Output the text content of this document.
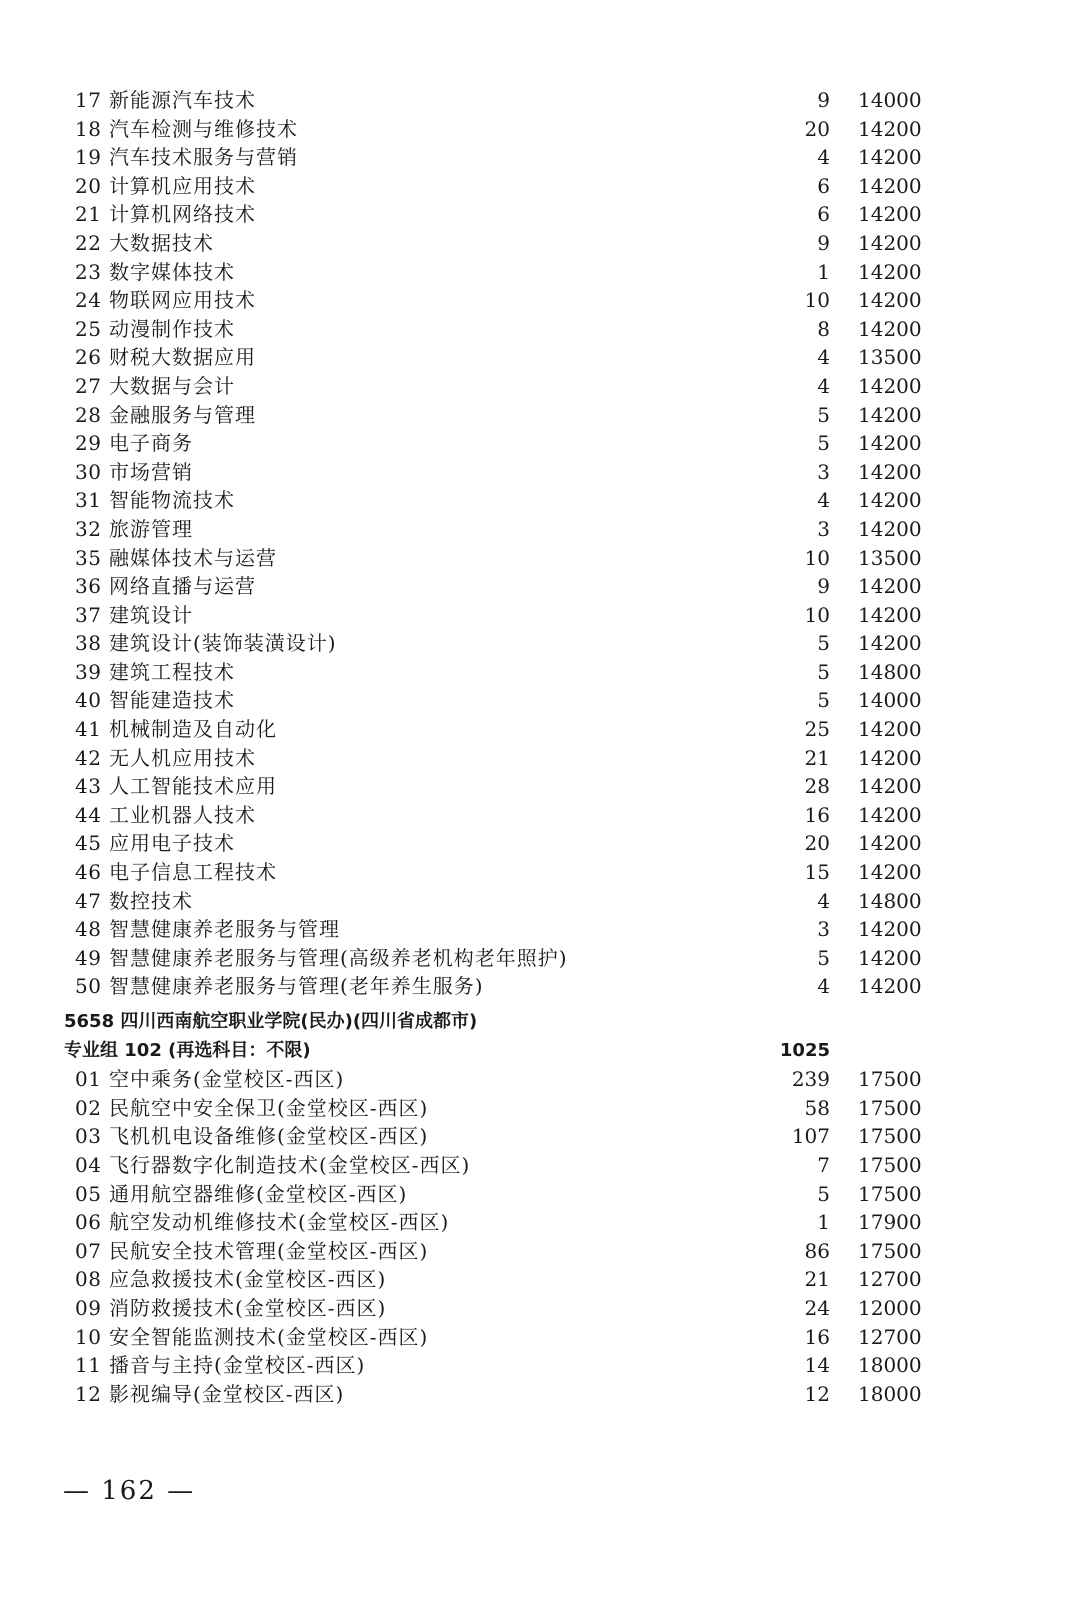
17 新能源汽车技术	9 14000
18 汽车检测与维修技术	20 14200
19 汽车技术服务与营销	4 14200
20 计算机应用技术	6 14200
21 计算机网络技术	6 14200
22 大数据技术	9 14200
23 数字媒体技术	1 14200
24 物联网应用技术	10 14200
25 动漫制作技术	8 14200
26 财税大数据应用	4 13500
27 大数据与会计	4 14200
28 金融服务与管理	5 14200
29 电子商务	5 14200
30 市场营销	3 14200
31 智能物流技术	4 14200
32 旅游管理	3 14200
35 融媒体技术与运营	10 13500
36 网络直播与运营	9 14200
37 建筑设计	10 14200
38 建筑设计(装饰装潢设计)	5 14200
39 建筑工程技术	5 14800
40 智能建造技术	5 14000
41 机械制造及自动化	25 14200
42 无人机应用技术	21 14200
43 人工智能技术应用	28 14200
44 工业机器人技术	16 14200
45 应用电子技术	20 14200
46 电子信息工程技术	15 14200
47 数控技术	4 14800
48 智慧健康养老服务与管理	3 14200
49 智慧健康养老服务与管理(高级养老机构老年照护)	5 14200
50 智慧健康养老服务与管理(老年养生服务)	4 14200
5658 四川西南航空职业学院(民办)(四川省成都市)
专业组 102 (再选科目：不限)	1025
01 空中乘务(金堂校区-西区)	239 17500
02 民航空中安全保卫(金堂校区-西区)	58 17500
03 飞机机电设备维修(金堂校区-西区)	107 17500
04 飞行器数字化制造技术(金堂校区-西区)	7 17500
05 通用航空器维修(金堂校区-西区)	5 17500
06 航空发动机维修技术(金堂校区-西区)	1 17900
07 民航安全技术管理(金堂校区-西区)	86 17500
08 应急救援技术(金堂校区-西区)	21 12700
09 消防救援技术(金堂校区-西区)	24 12000
10 安全智能监测技术(金堂校区-西区)	16 12700
11 播音与主持(金堂校区-西区)	14 18000
12 影视编导(金堂校区-西区)	12 18000
— 162 —
